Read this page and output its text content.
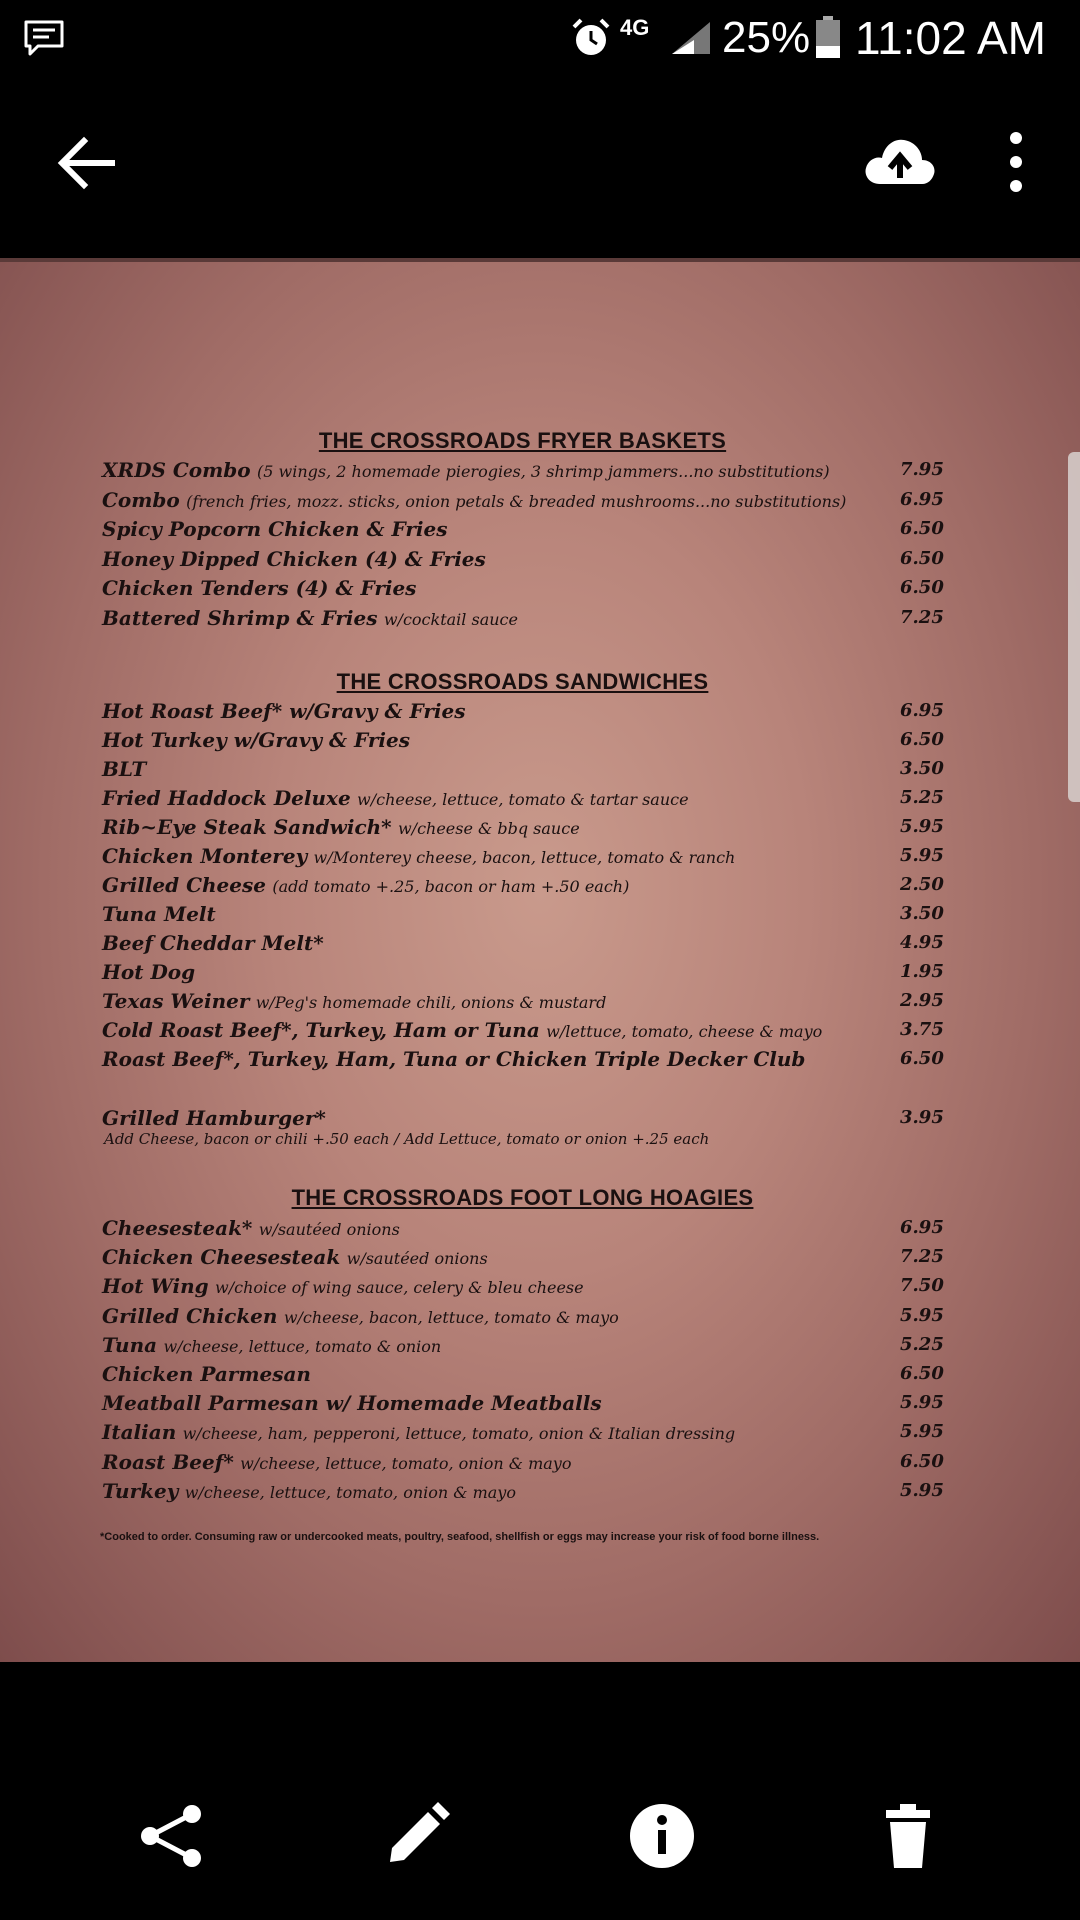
4G	25% 11:02 AM
THE CROSSROADS FRYER BASKETS
THE CROSSROADS SANDWICHES
Add Cheese, bacon or chili +.50 each / Add Lettuce, tomato or onion +.25 each
THE CROSSROADS FOOT LONG HOAGIES
*Cooked to order. Consuming raw or undercooked meats, poultry, seafood, shellfish or eggs may increase your risk of food borne illness.
XRDS Combo (5 wings, 2 homemade pierogies, 3 shrimp jammers...no substitutions)	7.95
Combo (french fries, mozz. sticks, onion petals & breaded mushrooms...no substitutions)	6.95
Spicy Popcorn Chicken & Fries	6.50
Honey Dipped Chicken (4) & Fries	6.50
Chicken Tenders (4) & Fries	6.50
Battered Shrimp & Fries w/cocktail sauce	7.25
Hot Roast Beef* w/Gravy & Fries	6.95
Hot Turkey w/Gravy & Fries	6.50
BLT	3.50
Fried Haddock Deluxe w/cheese, lettuce, tomato & tartar sauce	5.25
Rib~Eye Steak Sandwich* w/cheese & bbq sauce	5.95
Chicken Monterey w/Monterey cheese, bacon, lettuce, tomato & ranch	5.95
Grilled Cheese (add tomato +.25, bacon or ham +.50 each)	2.50
Tuna Melt	3.50
Beef Cheddar Melt*	4.95
Hot Dog	1.95
Texas Weiner w/Peg's homemade chili, onions & mustard	2.95
Cold Roast Beef*, Turkey, Ham or Tuna w/lettuce, tomato, cheese & mayo	3.75
Roast Beef*, Turkey, Ham, Tuna or Chicken Triple Decker Club	6.50
Grilled Hamburger*	3.95
Cheesesteak* w/sautéed onions	6.95
Chicken Cheesesteak w/sautéed onions	7.25
Hot Wing w/choice of wing sauce, celery & bleu cheese	7.50
Grilled Chicken w/cheese, bacon, lettuce, tomato & mayo	5.95
Tuna w/cheese, lettuce, tomato & onion	5.25
Chicken Parmesan	6.50
Meatball Parmesan w/ Homemade Meatballs	5.95
Italian w/cheese, ham, pepperoni, lettuce, tomato, onion & Italian dressing	5.95
Roast Beef* w/cheese, lettuce, tomato, onion & mayo	6.50
Turkey w/cheese, lettuce, tomato, onion & mayo	5.95
